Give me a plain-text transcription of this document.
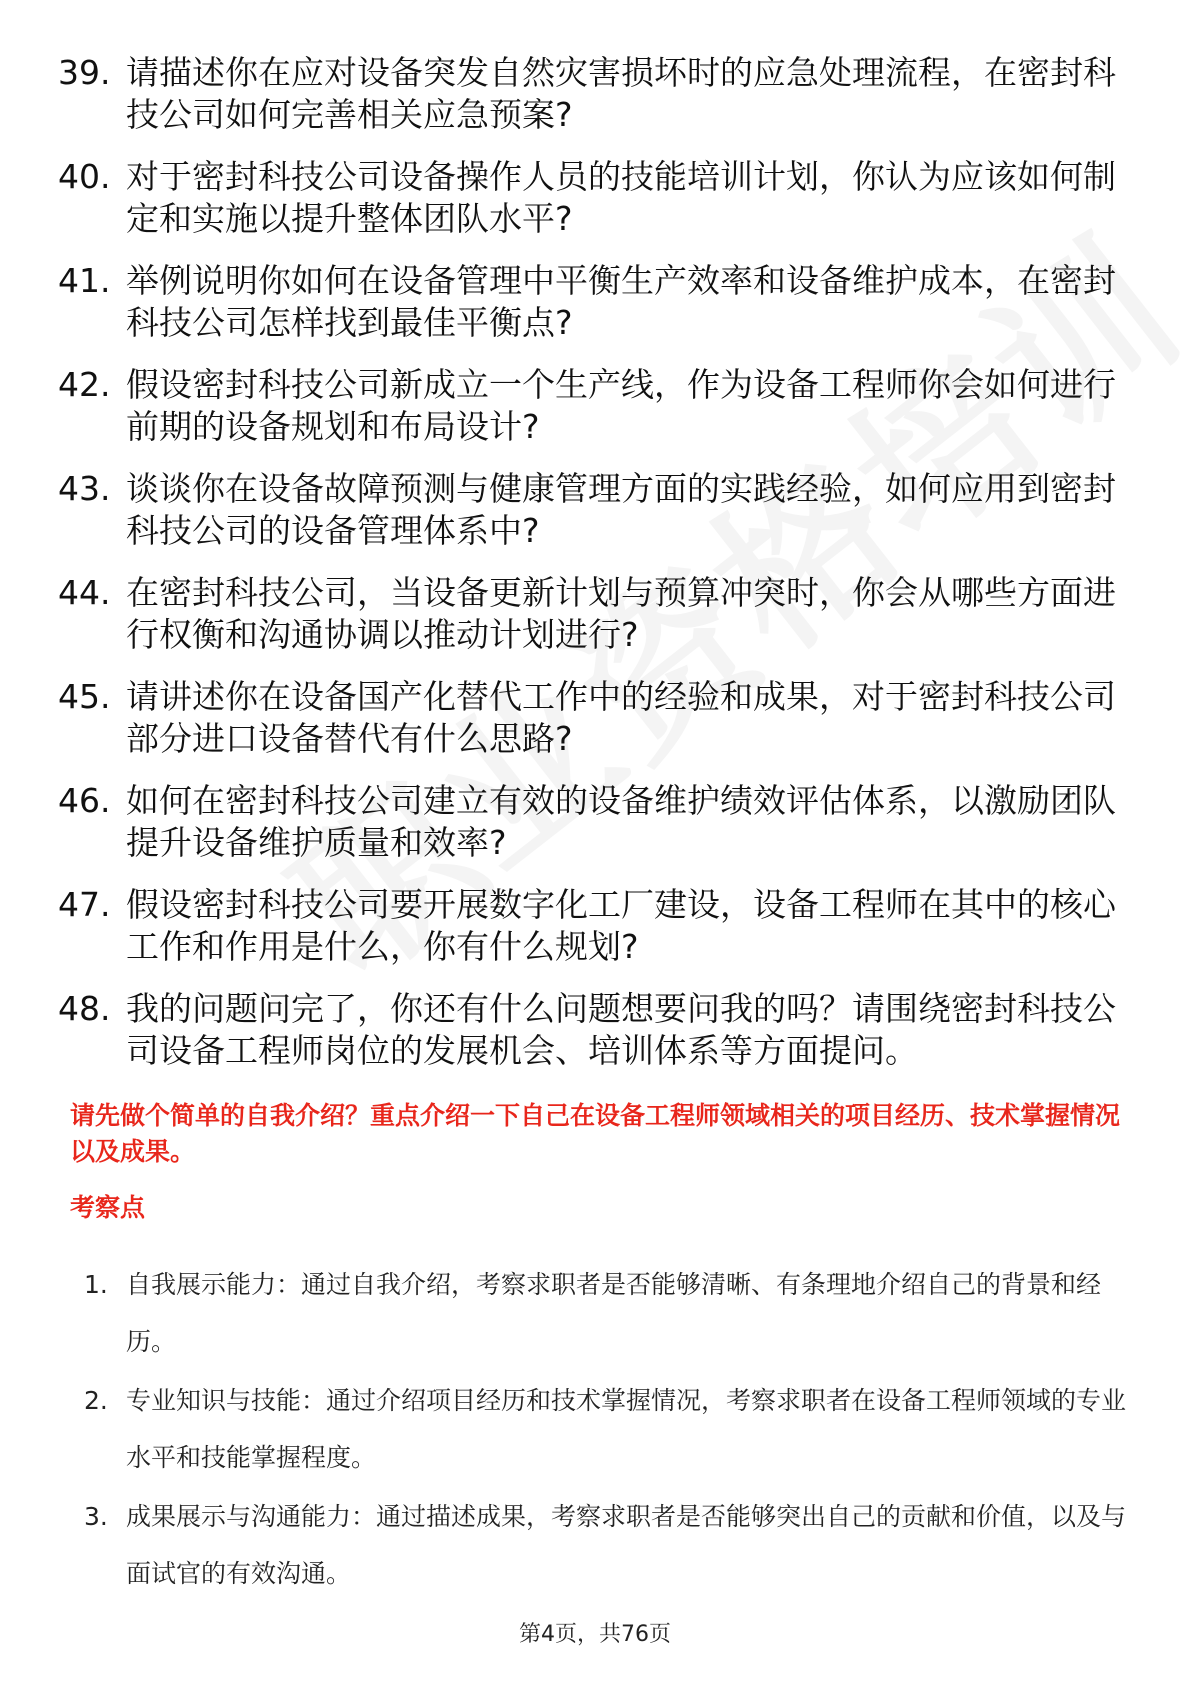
39. 请描述你在应对设备突发自然灾害损坏时的应急处理流程，在密封科技公司如何完善相关应急预案?
40. 对于密封科技公司设备操作人员的技能培训计划，你认为应该如何制定和实施以提升整体团队水平?
41. 举例说明你如何在设备管理中平衡生产效率和设备维护成本，在密封科技公司怎样找到最佳平衡点?
42. 假设密封科技公司新成立一个生产线，作为设备工程师你会如何进行前期的设备规划和布局设计?
43. 谈谈你在设备故障预测与健康管理方面的实践经验，如何应用到密封科技公司的设备管理体系中?
44. 在密封科技公司，当设备更新计划与预算冲突时，你会从哪些方面进行权衡和沟通协调以推动计划进行?
45. 请讲述你在设备国产化替代工作中的经验和成果，对于密封科技公司部分进口设备替代有什么思路?
46. 如何在密封科技公司建立有效的设备维护绩效评估体系，以激励团队提升设备维护质量和效率?
47. 假设密封科技公司要开展数字化工厂建设，设备工程师在其中的核心工作和作用是什么，你有什么规划?
48. 我的问题问完了，你还有什么问题想要问我的吗？请围绕密封科技公司设备工程师岗位的发展机会、培训体系等方面提问。
请先做个简单的自我介绍？重点介绍一下自己在设备工程师领域相关的项目经历、技术掌握情况以及成果。
考察点
1. 自我展示能力：通过自我介绍，考察求职者是否能够清晰、有条理地介绍自己的背景和经历。
2. 专业知识与技能：通过介绍项目经历和技术掌握情况，考察求职者在设备工程师领域的专业水平和技能掌握程度。
3. 成果展示与沟通能力：通过描述成果，考察求职者是否能够突出自己的贡献和价值，以及与面试官的有效沟通。
第4页，共76页
